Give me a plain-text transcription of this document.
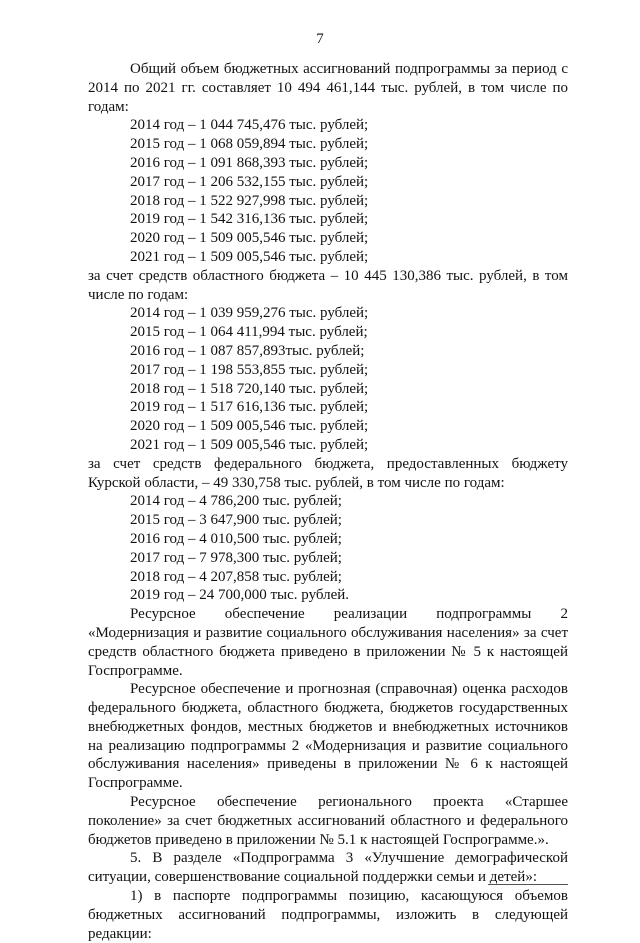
7

Общий объем бюджетных ассигнований подпрограммы за период с 2014 по 2021 гг. составляет 10 494 461,144 тыс. рублей, в том числе по годам:

2014 год – 1 044 745,476 тыс. рублей;

2015 год – 1 068 059,894 тыс. рублей;

2016 год – 1 091 868,393 тыс. рублей;

2017 год – 1 206 532,155 тыс. рублей;

2018 год – 1 522 927,998 тыс. рублей;

2019 год – 1 542 316,136 тыс. рублей;

2020 год – 1 509 005,546 тыс. рублей;

2021 год – 1 509 005,546 тыс. рублей;

за счет средств областного бюджета – 10 445 130,386 тыс. рублей, в том числе по годам:

2014 год – 1 039 959,276 тыс. рублей;

2015 год – 1 064 411,994 тыс. рублей;

2016 год – 1 087 857,893тыс. рублей;

2017 год – 1 198 553,855 тыс. рублей;

2018 год – 1 518 720,140 тыс. рублей;

2019 год – 1 517 616,136 тыс. рублей;

2020 год – 1 509 005,546 тыс. рублей;

2021 год – 1 509 005,546 тыс. рублей;

за счет средств федерального бюджета, предоставленных бюджету Курской области, – 49 330,758 тыс. рублей, в том числе по годам:

2014 год – 4 786,200 тыс. рублей;

2015 год – 3 647,900 тыс. рублей;

2016 год – 4 010,500 тыс. рублей;

2017 год – 7 978,300 тыс. рублей;

2018 год – 4 207,858 тыс. рублей;

2019 год – 24 700,000 тыс. рублей.

Ресурсное обеспечение реализации подпрограммы 2 «Модернизация и развитие социального обслуживания населения» за счет средств областного бюджета приведено в приложении № 5 к настоящей Госпрограмме.

Ресурсное обеспечение и прогнозная (справочная) оценка расходов федерального бюджета, областного бюджета, бюджетов государственных внебюджетных фондов, местных бюджетов и внебюджетных источников на реализацию подпрограммы 2 «Модернизация и развитие социального обслуживания населения» приведены в приложении № 6 к настоящей Госпрограмме.

Ресурсное обеспечение регионального проекта «Старшее поколение» за счет бюджетных ассигнований областного и федерального бюджетов приведено в приложении № 5.1 к настоящей Госпрограмме.».

5. В разделе «Подпрограмма 3 «Улучшение демографической ситуации, совершенствование социальной поддержки семьи и детей»:

1) в паспорте подпрограммы позицию, касающуюся объемов бюджетных ассигнований подпрограммы, изложить в следующей редакции:
